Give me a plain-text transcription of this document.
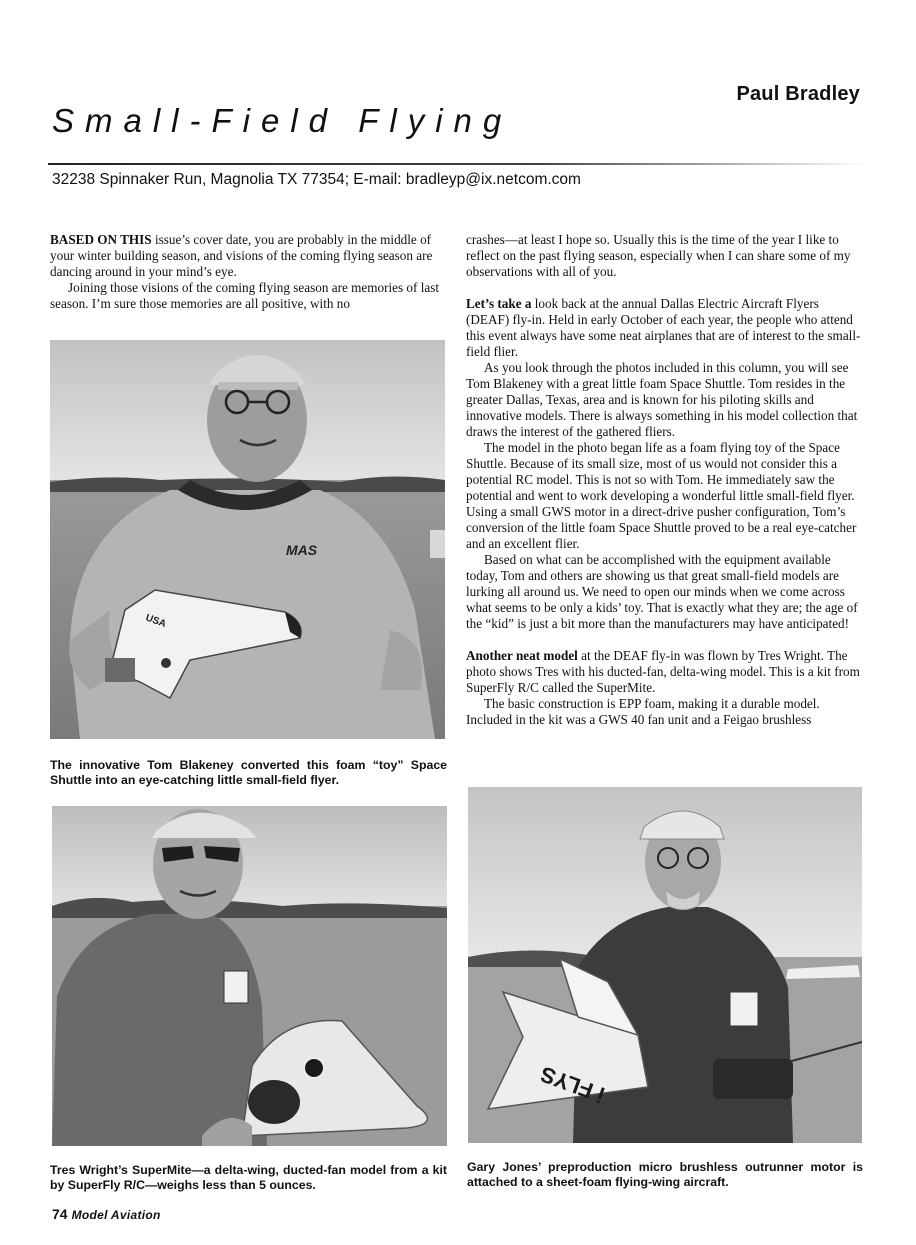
Paul Bradley
Small-Field Flying
32238 Spinnaker Run, Magnolia TX 77354; E-mail: bradleyp@ix.netcom.com

BASED ON THIS issue’s cover date, you are probably in the middle of your winter building season, and visions of the coming flying season are dancing around in your mind’s eye.

Joining those visions of the coming flying season are memories of last season. I’m sure those memories are all positive, with no

crashes—at least I hope so. Usually this is the time of the year I like to reflect on the past flying season, especially when I can share some of my observations with all of you.

Let’s take a look back at the annual Dallas Electric Aircraft Flyers (DEAF) fly-in. Held in early October of each year, the people who attend this event always have some neat airplanes that are of interest to the small-field flier.

As you look through the photos included in this column, you will see Tom Blakeney with a great little foam Space Shuttle. Tom resides in the greater Dallas, Texas, area and is known for his piloting skills and innovative models. There is always something in his model collection that draws the interest of the gathered fliers.

The model in the photo began life as a foam flying toy of the Space Shuttle. Because of its small size, most of us would not consider this a potential RC model. This is not so with Tom. He immediately saw the potential and went to work developing a wonderful little small-field flyer. Using a small GWS motor in a direct-drive pusher configuration, Tom’s conversion of the little foam Space Shuttle proved to be a real eye-catcher and an excellent flier.

Based on what can be accomplished with the equipment available today, Tom and others are showing us that great small-field models are lurking all around us. We need to open our minds when we come across what seems to be only a kids’ toy. That is exactly what they are; the age of the “kid” is just a bit more than the manufacturers may have anticipated!

Another neat model at the DEAF fly-in was flown by Tres Wright. The photo shows Tres with his ducted-fan, delta-wing model. This is a kit from SuperFly R/C called the SuperMite.

The basic construction is EPP foam, making it a durable model. Included in the kit was a GWS 40 fan unit and a Feigao brushless

MAS
USA
The innovative Tom Blakeney converted this foam “toy” Space Shuttle into an eye-catching little small-field flyer.
Tres Wright’s SuperMite—a delta-wing, ducted-fan model from a kit by SuperFly R/C—weighs less than 5 ounces.
i FLYS
Gary Jones’ preproduction micro brushless outrunner motor is attached to a sheet-foam flying-wing aircraft.
74 Model Aviation
